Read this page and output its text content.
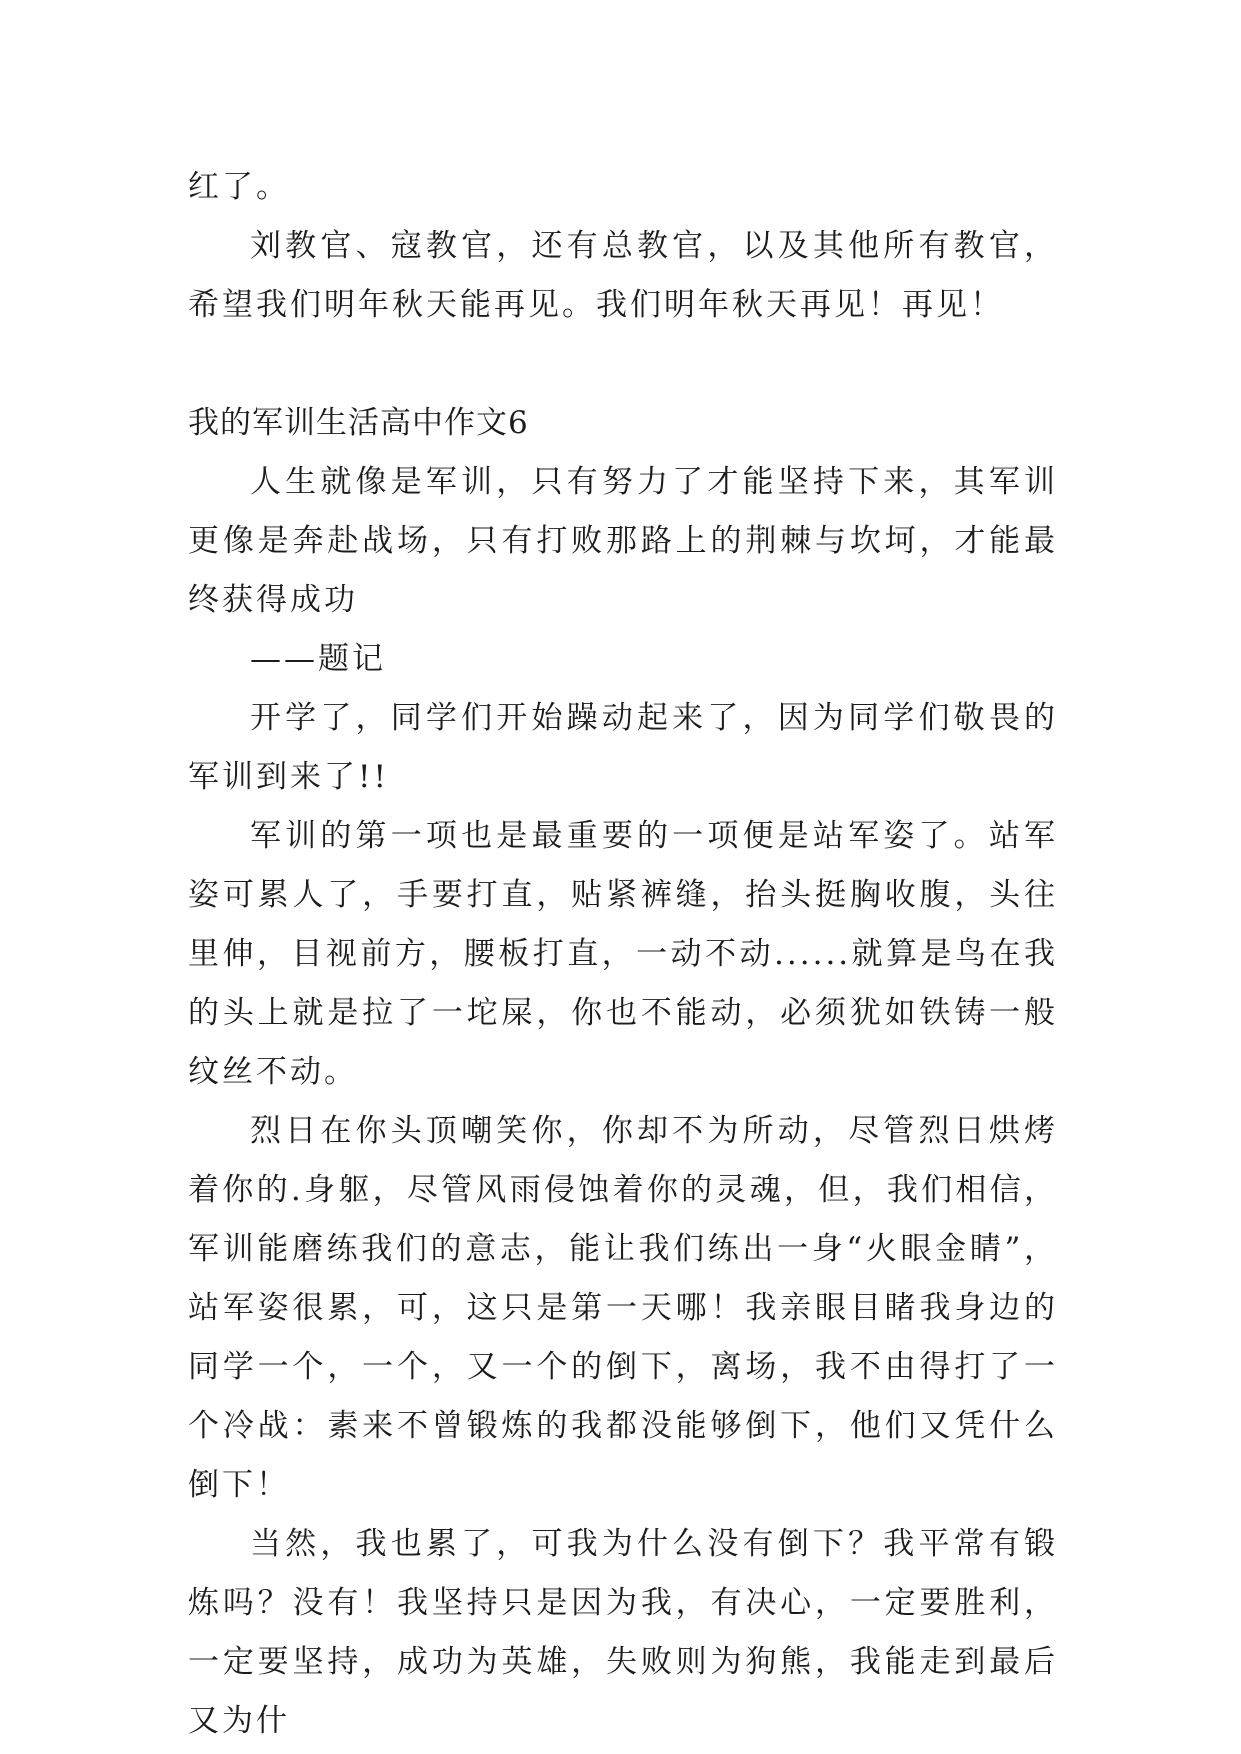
红了。

刘教官、寇教官，还有总教官，以及其他所有教官，希望我们明年秋天能再见。我们明年秋天再见！再见！

我的军训生活高中作文6

人生就像是军训，只有努力了才能坚持下来，其军训更像是奔赴战场，只有打败那路上的荆棘与坎坷，才能最终获得成功

——题记

开学了，同学们开始躁动起来了，因为同学们敬畏的军训到来了!!

军训的第一项也是最重要的一项便是站军姿了。站军姿可累人了，手要打直，贴紧裤缝，抬头挺胸收腹，头往里伸，目视前方，腰板打直，一动不动......就算是鸟在我的头上就是拉了一坨屎，你也不能动，必须犹如铁铸一般纹丝不动。

烈日在你头顶嘲笑你，你却不为所动，尽管烈日烘烤着你的.身躯，尽管风雨侵蚀着你的灵魂，但，我们相信，军训能磨练我们的意志，能让我们练出一身“火眼金睛”，站军姿很累，可，这只是第一天哪！我亲眼目睹我身边的同学一个，一个，又一个的倒下，离场，我不由得打了一个冷战：素来不曾锻炼的我都没能够倒下，他们又凭什么倒下！

当然，我也累了，可我为什么没有倒下？我平常有锻炼吗？没有！我坚持只是因为我，有决心，一定要胜利，一定要坚持，成功为英雄，失败则为狗熊，我能走到最后又为什
